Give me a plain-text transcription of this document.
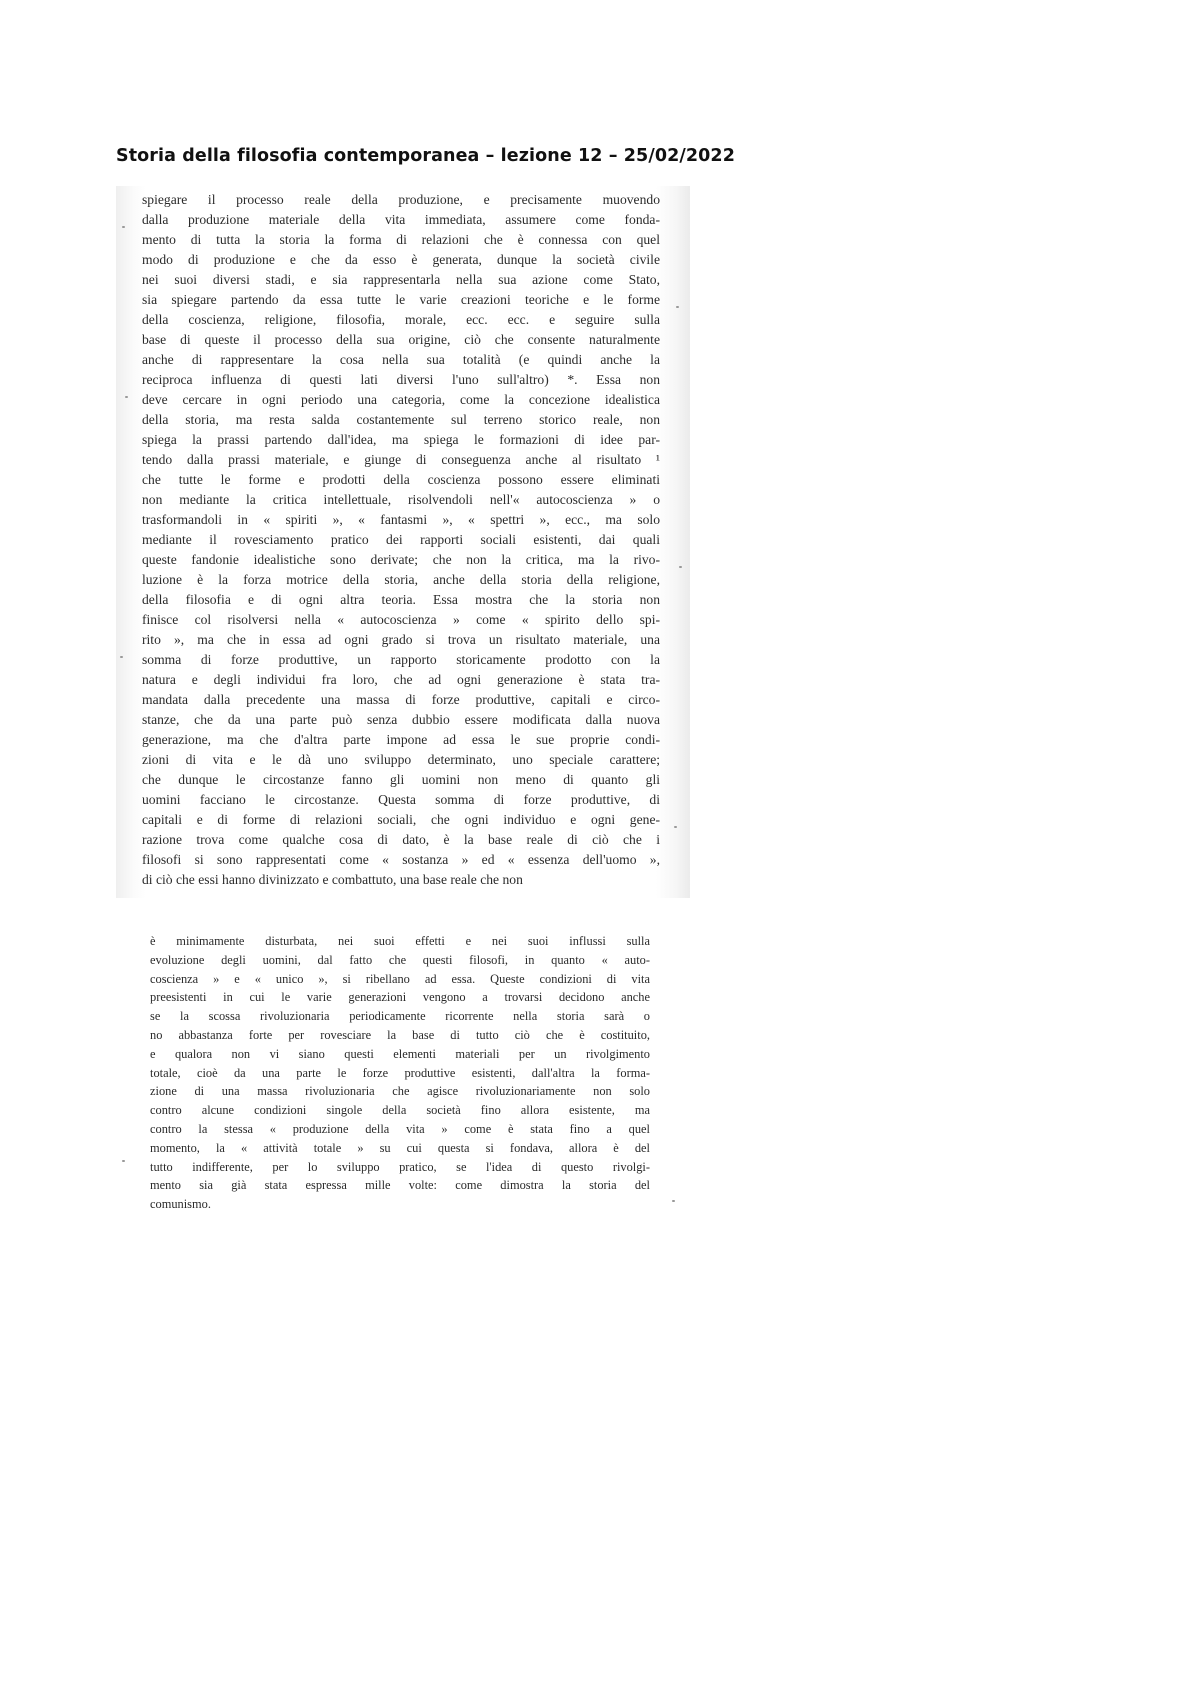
Storia della filosofia contemporanea – lezione 12 – 25/02/2022
spiegare il processo reale della produzione, e precisamente muovendo
dalla produzione materiale della vita immediata, assumere come fonda-
mento di tutta la storia la forma di relazioni che è connessa con quel
modo di produzione e che da esso è generata, dunque la società civile
nei suoi diversi stadi, e sia rappresentarla nella sua azione come Stato,
sia spiegare partendo da essa tutte le varie creazioni teoriche e le forme
della coscienza, religione, filosofia, morale, ecc. ecc. e seguire sulla
base di queste il processo della sua origine, ciò che consente naturalmente
anche di rappresentare la cosa nella sua totalità (e quindi anche la
reciproca influenza di questi lati diversi l'uno sull'altro) *. Essa non
deve cercare in ogni periodo una categoria, come la concezione idealistica
della storia, ma resta salda costantemente sul terreno storico reale, non
spiega la prassi partendo dall'idea, ma spiega le formazioni di idee par-
tendo dalla prassi materiale, e giunge di conseguenza anche al risultato ¹
che tutte le forme e prodotti della coscienza possono essere eliminati
non mediante la critica intellettuale, risolvendoli nell'« autocoscienza » o
trasformandoli in « spiriti », « fantasmi », « spettri », ecc., ma solo
mediante il rovesciamento pratico dei rapporti sociali esistenti, dai quali
queste fandonie idealistiche sono derivate; che non la critica, ma la rivo-
luzione è la forza motrice della storia, anche della storia della religione,
della filosofia e di ogni altra teoria. Essa mostra che la storia non
finisce col risolversi nella « autocoscienza » come « spirito dello spi-
rito », ma che in essa ad ogni grado si trova un risultato materiale, una
somma di forze produttive, un rapporto storicamente prodotto con la
natura e degli individui fra loro, che ad ogni generazione è stata tra-
mandata dalla precedente una massa di forze produttive, capitali e circo-
stanze, che da una parte può senza dubbio essere modificata dalla nuova
generazione, ma che d'altra parte impone ad essa le sue proprie condi-
zioni di vita e le dà uno sviluppo determinato, uno speciale carattere;
che dunque le circostanze fanno gli uomini non meno di quanto gli
uomini facciano le circostanze. Questa somma di forze produttive, di
capitali e di forme di relazioni sociali, che ogni individuo e ogni gene-
razione trova come qualche cosa di dato, è la base reale di ciò che i
filosofi si sono rappresentati come « sostanza » ed « essenza dell'uomo »,
di ciò che essi hanno divinizzato e combattuto, una base reale che non
è minimamente disturbata, nei suoi effetti e nei suoi influssi sulla
evoluzione degli uomini, dal fatto che questi filosofi, in quanto « auto-
coscienza » e « unico », si ribellano ad essa. Queste condizioni di vita
preesistenti in cui le varie generazioni vengono a trovarsi decidono anche
se la scossa rivoluzionaria periodicamente ricorrente nella storia sarà o
no abbastanza forte per rovesciare la base di tutto ciò che è costituito,
e qualora non vi siano questi elementi materiali per un rivolgimento
totale, cioè da una parte le forze produttive esistenti, dall'altra la forma-
zione di una massa rivoluzionaria che agisce rivoluzionariamente non solo
contro alcune condizioni singole della società fino allora esistente, ma
contro la stessa « produzione della vita » come è stata fino a quel
momento, la « attività totale » su cui questa si fondava, allora è del
tutto indifferente, per lo sviluppo pratico, se l'idea di questo rivolgi-
mento sia già stata espressa mille volte: come dimostra la storia del
comunismo.
